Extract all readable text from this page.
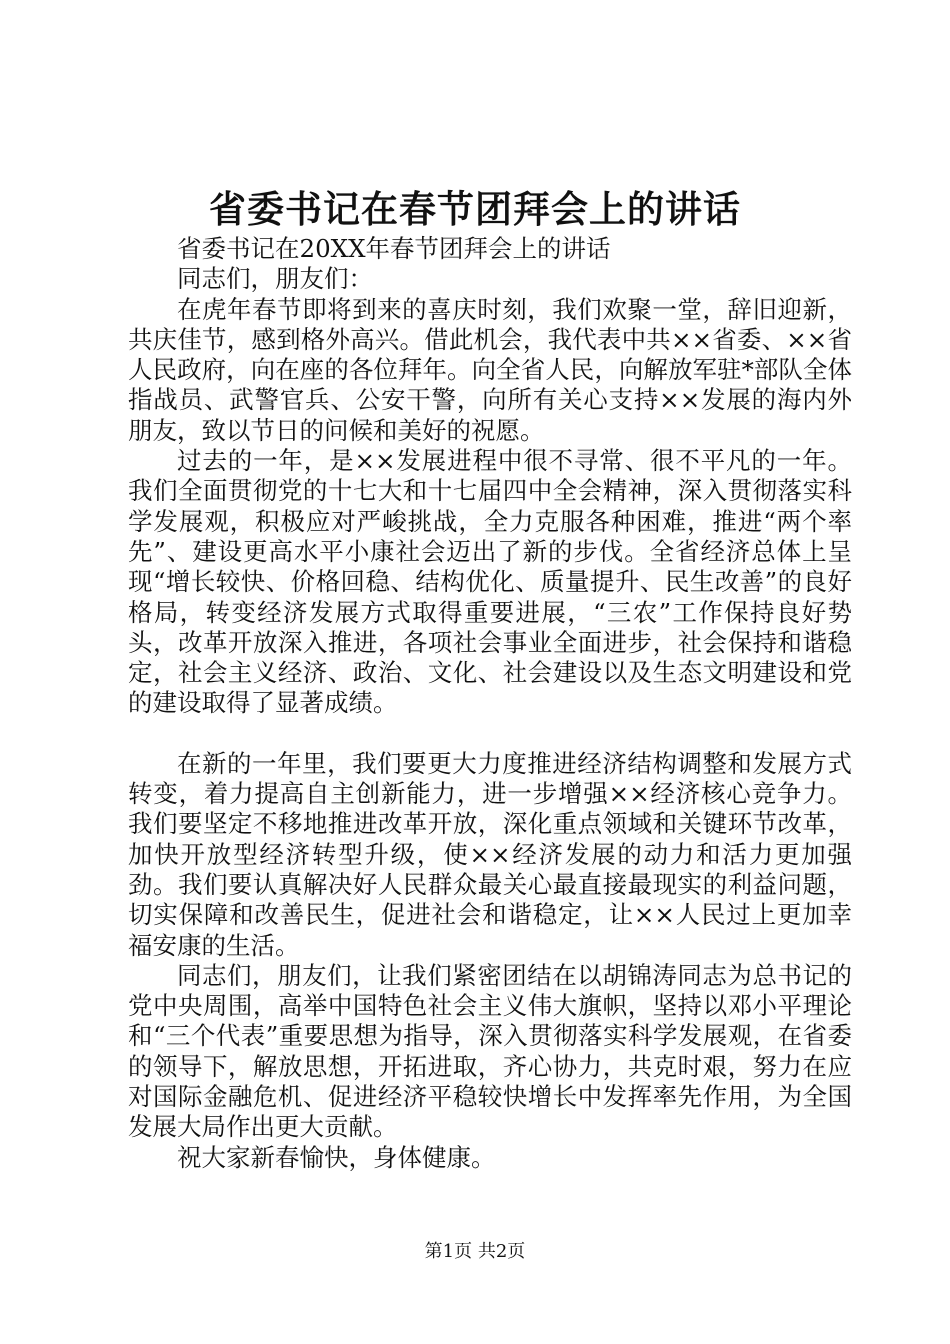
省委书记在春节团拜会上的讲话

省委书记在20XX年春节团拜会上的讲话

同志们，朋友们：

在虎年春节即将到来的喜庆时刻，我们欢聚一堂，辞旧迎新，共庆佳节，感到格外高兴。借此机会，我代表中共××省委、××省人民政府，向在座的各位拜年。向全省人民，向解放军驻*部队全体指战员、武警官兵、公安干警，向所有关心支持××发展的海内外朋友，致以节日的问候和美好的祝愿。

过去的一年，是××发展进程中很不寻常、很不平凡的一年。我们全面贯彻党的十七大和十七届四中全会精神，深入贯彻落实科学发展观，积极应对严峻挑战，全力克服各种困难，推进“两个率先”、建设更高水平小康社会迈出了新的步伐。全省经济总体上呈现“增长较快、价格回稳、结构优化、质量提升、民生改善”的良好格局，转变经济发展方式取得重要进展，“三农”工作保持良好势头，改革开放深入推进，各项社会事业全面进步，社会保持和谐稳定，社会主义经济、政治、文化、社会建设以及生态文明建设和党的建设取得了显著成绩。

在新的一年里，我们要更大力度推进经济结构调整和发展方式转变，着力提高自主创新能力，进一步增强××经济核心竞争力。我们要坚定不移地推进改革开放，深化重点领域和关键环节改革，加快开放型经济转型升级，使××经济发展的动力和活力更加强劲。我们要认真解决好人民群众最关心最直接最现实的利益问题，切实保障和改善民生，促进社会和谐稳定，让××人民过上更加幸福安康的生活。

同志们，朋友们，让我们紧密团结在以胡锦涛同志为总书记的党中央周围，高举中国特色社会主义伟大旗帜，坚持以邓小平理论和“三个代表”重要思想为指导，深入贯彻落实科学发展观，在省委的领导下，解放思想，开拓进取，齐心协力，共克时艰，努力在应对国际金融危机、促进经济平稳较快增长中发挥率先作用，为全国发展大局作出更大贡献。

祝大家新春愉快，身体健康。

第1页 共2页
